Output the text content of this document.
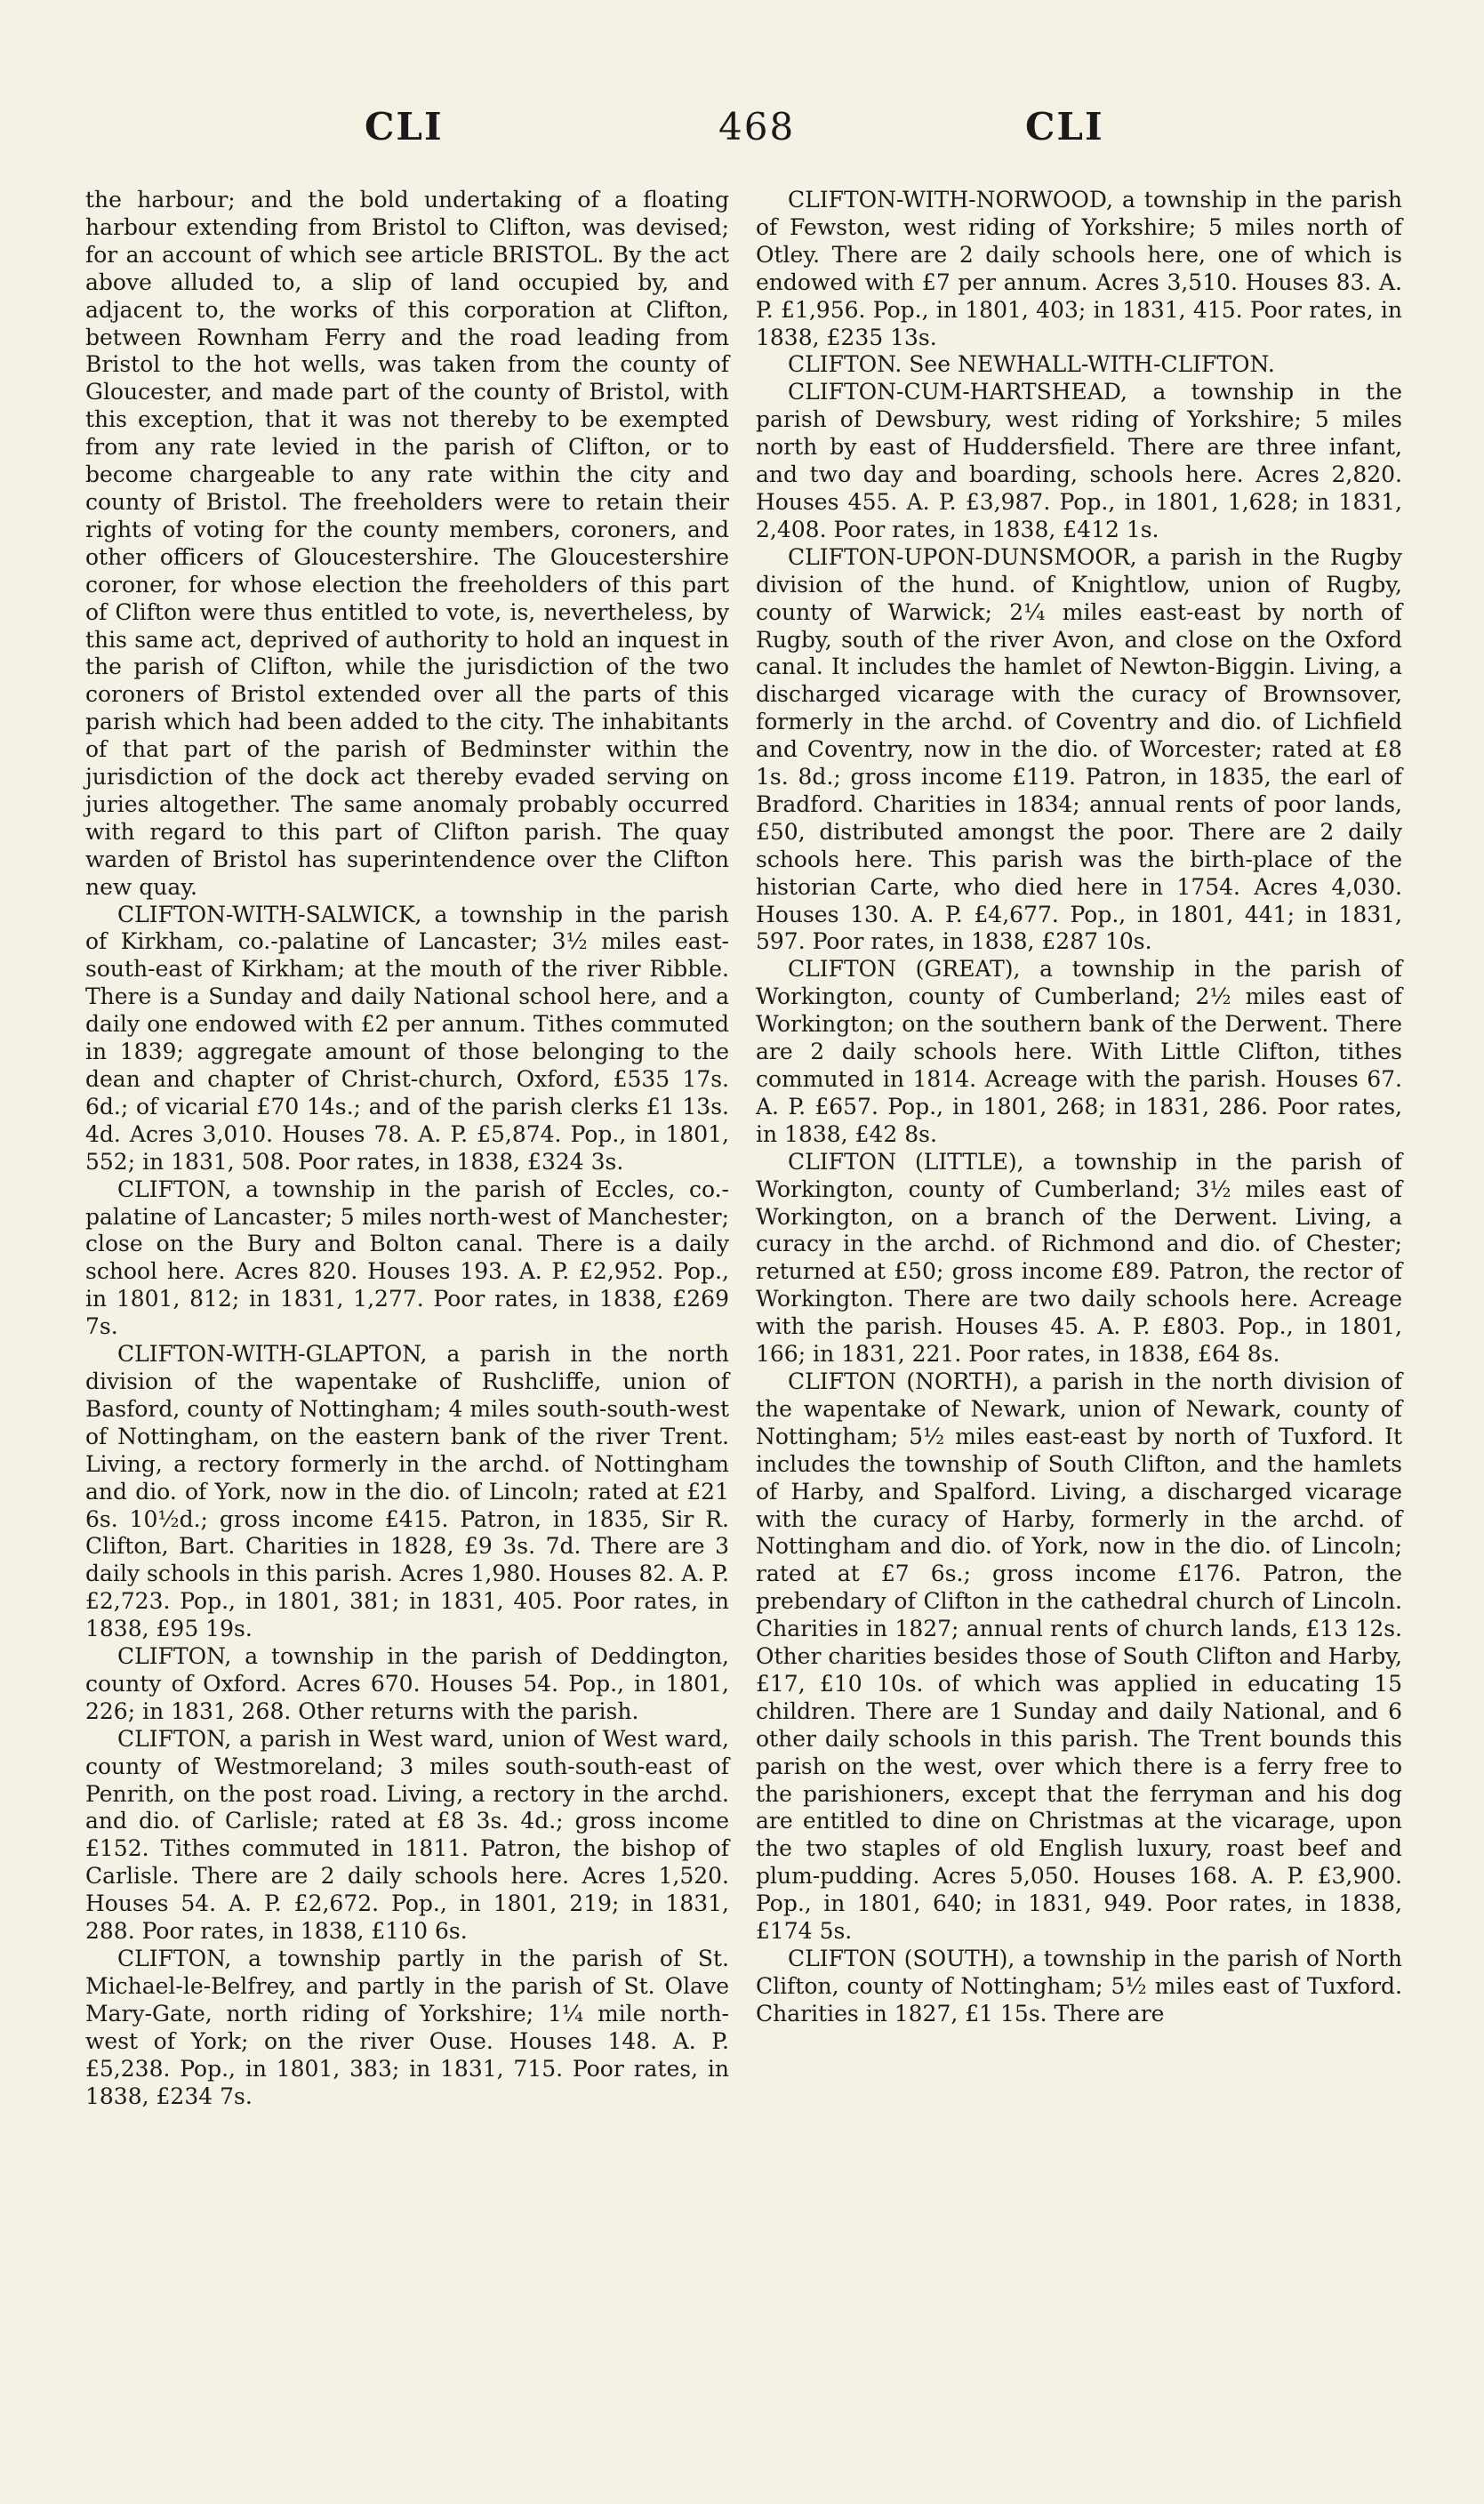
CLI	468	CLI

the harbour; and the bold undertaking of a floating harbour extending from Bristol to Clifton, was devised; for an account of which see article BRISTOL. By the act above alluded to, a slip of land occupied by, and adjacent to, the works of this corporation at Clifton, between Rownham Ferry and the road leading from Bristol to the hot wells, was taken from the county of Gloucester, and made part of the county of Bristol, with this exception, that it was not thereby to be exempted from any rate levied in the parish of Clifton, or to become chargeable to any rate within the city and county of Bristol. The freeholders were to retain their rights of voting for the county members, coroners, and other officers of Gloucestershire. The Gloucestershire coroner, for whose election the freeholders of this part of Clifton were thus entitled to vote, is, nevertheless, by this same act, deprived of authority to hold an inquest in the parish of Clifton, while the jurisdiction of the two coroners of Bristol extended over all the parts of this parish which had been added to the city. The inhabitants of that part of the parish of Bedminster within the jurisdiction of the dock act thereby evaded serving on juries altogether. The same anomaly probably occurred with regard to this part of Clifton parish. The quay warden of Bristol has superintendence over the Clifton new quay.

CLIFTON-WITH-SALWICK, a township in the parish of Kirkham, co.-palatine of Lancaster; 3½ miles east-south-east of Kirkham; at the mouth of the river Ribble. There is a Sunday and daily National school here, and a daily one endowed with £2 per annum. Tithes commuted in 1839; aggregate amount of those belonging to the dean and chapter of Christ-church, Oxford, £535 17s. 6d.; of vicarial £70 14s.; and of the parish clerks £1 13s. 4d. Acres 3,010. Houses 78. A. P. £5,874. Pop., in 1801, 552; in 1831, 508. Poor rates, in 1838, £324 3s.

CLIFTON, a township in the parish of Eccles, co.-palatine of Lancaster; 5 miles north-west of Manchester; close on the Bury and Bolton canal. There is a daily school here. Acres 820. Houses 193. A. P. £2,952. Pop., in 1801, 812; in 1831, 1,277. Poor rates, in 1838, £269 7s.

CLIFTON-WITH-GLAPTON, a parish in the north division of the wapentake of Rushcliffe, union of Basford, county of Nottingham; 4 miles south-south-west of Nottingham, on the eastern bank of the river Trent. Living, a rectory formerly in the archd. of Nottingham and dio. of York, now in the dio. of Lincoln; rated at £21 6s. 10½d.; gross income £415. Patron, in 1835, Sir R. Clifton, Bart. Charities in 1828, £9 3s. 7d. There are 3 daily schools in this parish. Acres 1,980. Houses 82. A. P. £2,723. Pop., in 1801, 381; in 1831, 405. Poor rates, in 1838, £95 19s.

CLIFTON, a township in the parish of Deddington, county of Oxford. Acres 670. Houses 54. Pop., in 1801, 226; in 1831, 268. Other returns with the parish.

CLIFTON, a parish in West ward, union of West ward, county of Westmoreland; 3 miles south-south-east of Penrith, on the post road. Living, a rectory in the archd. and dio. of Carlisle; rated at £8 3s. 4d.; gross income £152. Tithes commuted in 1811. Patron, the bishop of Carlisle. There are 2 daily schools here. Acres 1,520. Houses 54. A. P. £2,672. Pop., in 1801, 219; in 1831, 288. Poor rates, in 1838, £110 6s.

CLIFTON, a township partly in the parish of St. Michael-le-Belfrey, and partly in the parish of St. Olave Mary-Gate, north riding of Yorkshire; 1¼ mile north-west of York; on the river Ouse. Houses 148. A. P. £5,238. Pop., in 1801, 383; in 1831, 715. Poor rates, in 1838, £234 7s.

CLIFTON-WITH-NORWOOD, a township in the parish of Fewston, west riding of Yorkshire; 5 miles north of Otley. There are 2 daily schools here, one of which is endowed with £7 per annum. Acres 3,510. Houses 83. A. P. £1,956. Pop., in 1801, 403; in 1831, 415. Poor rates, in 1838, £235 13s.

CLIFTON. See NEWHALL-WITH-CLIFTON.

CLIFTON-CUM-HARTSHEAD, a township in the parish of Dewsbury, west riding of Yorkshire; 5 miles north by east of Huddersfield. There are three infant, and two day and boarding, schools here. Acres 2,820. Houses 455. A. P. £3,987. Pop., in 1801, 1,628; in 1831, 2,408. Poor rates, in 1838, £412 1s.

CLIFTON-UPON-DUNSMOOR, a parish in the Rugby division of the hund. of Knightlow, union of Rugby, county of Warwick; 2¼ miles east-east by north of Rugby, south of the river Avon, and close on the Oxford canal. It includes the hamlet of Newton-Biggin. Living, a discharged vicarage with the curacy of Brownsover, formerly in the archd. of Coventry and dio. of Lichfield and Coventry, now in the dio. of Worcester; rated at £8 1s. 8d.; gross income £119. Patron, in 1835, the earl of Bradford. Charities in 1834; annual rents of poor lands, £50, distributed amongst the poor. There are 2 daily schools here. This parish was the birth-place of the historian Carte, who died here in 1754. Acres 4,030. Houses 130. A. P. £4,677. Pop., in 1801, 441; in 1831, 597. Poor rates, in 1838, £287 10s.

CLIFTON (GREAT), a township in the parish of Workington, county of Cumberland; 2½ miles east of Workington; on the southern bank of the Derwent. There are 2 daily schools here. With Little Clifton, tithes commuted in 1814. Acreage with the parish. Houses 67. A. P. £657. Pop., in 1801, 268; in 1831, 286. Poor rates, in 1838, £42 8s.

CLIFTON (LITTLE), a township in the parish of Workington, county of Cumberland; 3½ miles east of Workington, on a branch of the Derwent. Living, a curacy in the archd. of Richmond and dio. of Chester; returned at £50; gross income £89. Patron, the rector of Workington. There are two daily schools here. Acreage with the parish. Houses 45. A. P. £803. Pop., in 1801, 166; in 1831, 221. Poor rates, in 1838, £64 8s.

CLIFTON (NORTH), a parish in the north division of the wapentake of Newark, union of Newark, county of Nottingham; 5½ miles east-east by north of Tuxford. It includes the township of South Clifton, and the hamlets of Harby, and Spalford. Living, a discharged vicarage with the curacy of Harby, formerly in the archd. of Nottingham and dio. of York, now in the dio. of Lincoln; rated at £7 6s.; gross income £176. Patron, the prebendary of Clifton in the cathedral church of Lincoln. Charities in 1827; annual rents of church lands, £13 12s. Other charities besides those of South Clifton and Harby, £17, £10 10s. of which was applied in educating 15 children. There are 1 Sunday and daily National, and 6 other daily schools in this parish. The Trent bounds this parish on the west, over which there is a ferry free to the parishioners, except that the ferryman and his dog are entitled to dine on Christmas at the vicarage, upon the two staples of old English luxury, roast beef and plum-pudding. Acres 5,050. Houses 168. A. P. £3,900. Pop., in 1801, 640; in 1831, 949. Poor rates, in 1838, £174 5s.

CLIFTON (SOUTH), a township in the parish of North Clifton, county of Nottingham; 5½ miles east of Tuxford. Charities in 1827, £1 15s. There are
